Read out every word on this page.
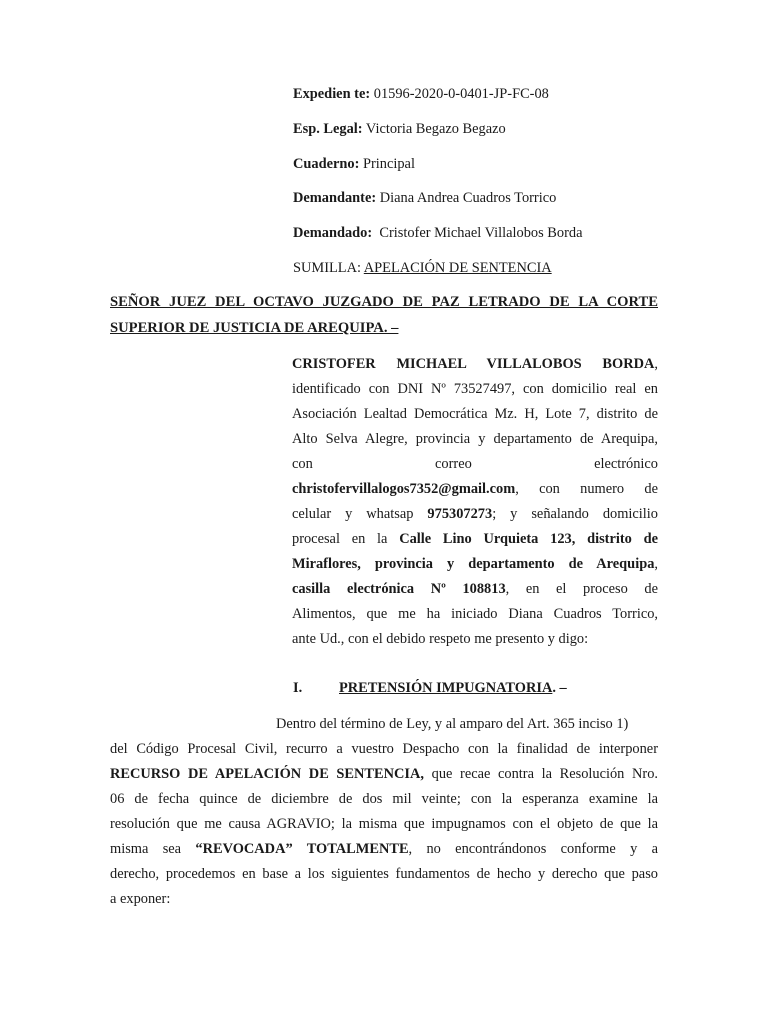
Expedien te: 01596-2020-0-0401-JP-FC-08
Esp. Legal: Victoria Begazo Begazo
Cuaderno: Principal
Demandante: Diana Andrea Cuadros Torrico
Demandado: Cristofer Michael Villalobos Borda
SUMILLA: APELACIÓN DE SENTENCIA
SEÑOR JUEZ DEL OCTAVO JUZGADO DE PAZ LETRADO DE LA CORTE
SUPERIOR DE JUSTICIA DE AREQUIPA. –
CRISTOFER MICHAEL VILLALOBOS BORDA,
identificado con DNI Nº 73527497, con domicilio real en
Asociación Lealtad Democrática Mz. H, Lote 7, distrito de
Alto Selva Alegre, provincia y departamento de Arequipa,
con	correo	electrónico
christofervillalogos7352@gmail.com, con numero de
celular y whatsap 975307273; y señalando domicilio
procesal en la Calle Lino Urquieta 123, distrito de
Miraflores, provincia y departamento de Arequipa,
casilla electrónica Nº 108813, en el proceso de
Alimentos, que me ha iniciado Diana Cuadros Torrico,
ante Ud., con el debido respeto me presento y digo:
I.	PRETENSIÓN IMPUGNATORIA. –
Dentro del término de Ley, y al amparo del Art. 365 inciso 1)
del Código Procesal Civil, recurro a vuestro Despacho con la finalidad de interponer
RECURSO DE APELACIÓN DE SENTENCIA, que recae contra la Resolución Nro.
06 de fecha quince de diciembre de dos mil veinte; con la esperanza examine la
resolución que me causa AGRAVIO; la misma que impugnamos con el objeto de que la
misma sea “REVOCADA” TOTALMENTE, no encontrándonos conforme y a
derecho, procedemos en base a los siguientes fundamentos de hecho y derecho que paso
a exponer:
